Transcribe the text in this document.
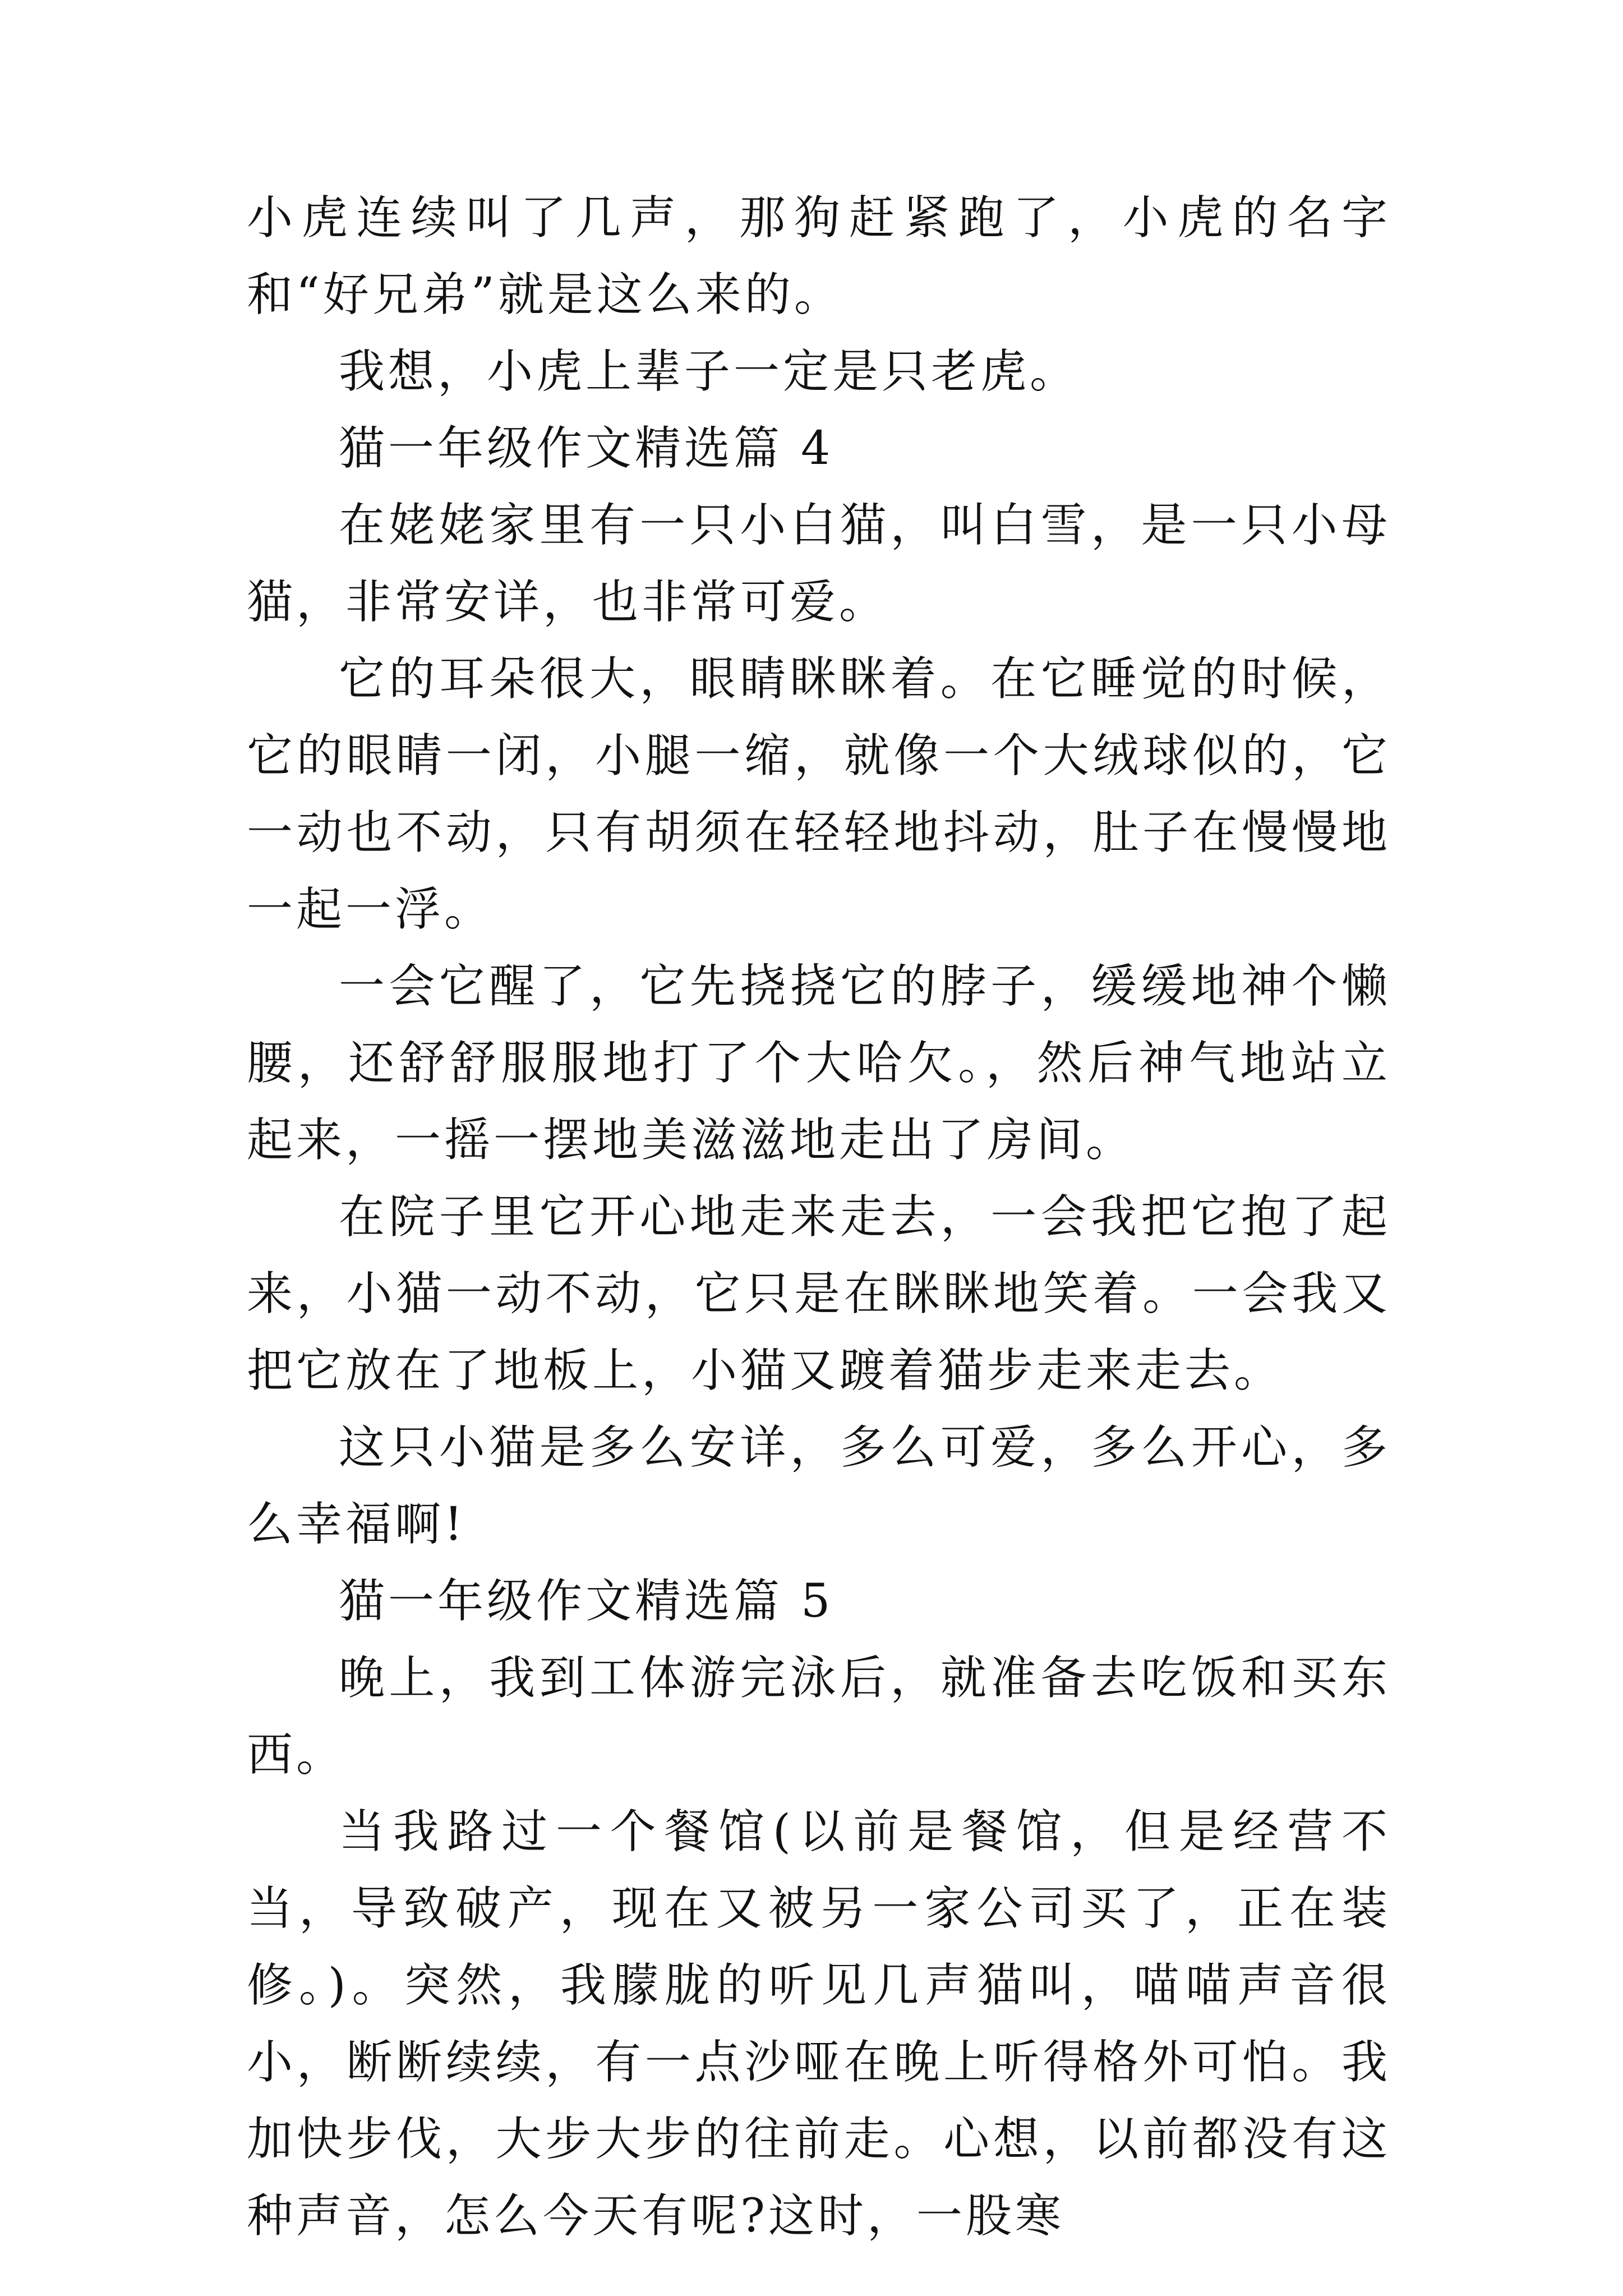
小虎连续叫了几声，那狗赶紧跑了，小虎的名字和“好兄弟”就是这么来的。

我想，小虎上辈子一定是只老虎。

猫一年级作文精选篇 4

在姥姥家里有一只小白猫，叫白雪，是一只小母猫，非常安详，也非常可爱。

它的耳朵很大，眼睛眯眯着。在它睡觉的时候，它的眼睛一闭，小腿一缩，就像一个大绒球似的，它一动也不动，只有胡须在轻轻地抖动，肚子在慢慢地一起一浮。

一会它醒了，它先挠挠它的脖子，缓缓地神个懒腰，还舒舒服服地打了个大哈欠。，然后神气地站立起来，一摇一摆地美滋滋地走出了房间。

在院子里它开心地走来走去，一会我把它抱了起来，小猫一动不动，它只是在眯眯地笑着。一会我又把它放在了地板上，小猫又踱着猫步走来走去。

这只小猫是多么安详，多么可爱，多么开心，多么幸福啊!

猫一年级作文精选篇 5

晚上，我到工体游完泳后，就准备去吃饭和买东西。

当我路过一个餐馆(以前是餐馆，但是经营不当，导致破产，现在又被另一家公司买了，正在装修。)。突然，我朦胧的听见几声猫叫，喵喵声音很小，断断续续，有一点沙哑在晚上听得格外可怕。我加快步伐，大步大步的往前走。心想，以前都没有这种声音，怎么今天有呢?这时，一股寒
